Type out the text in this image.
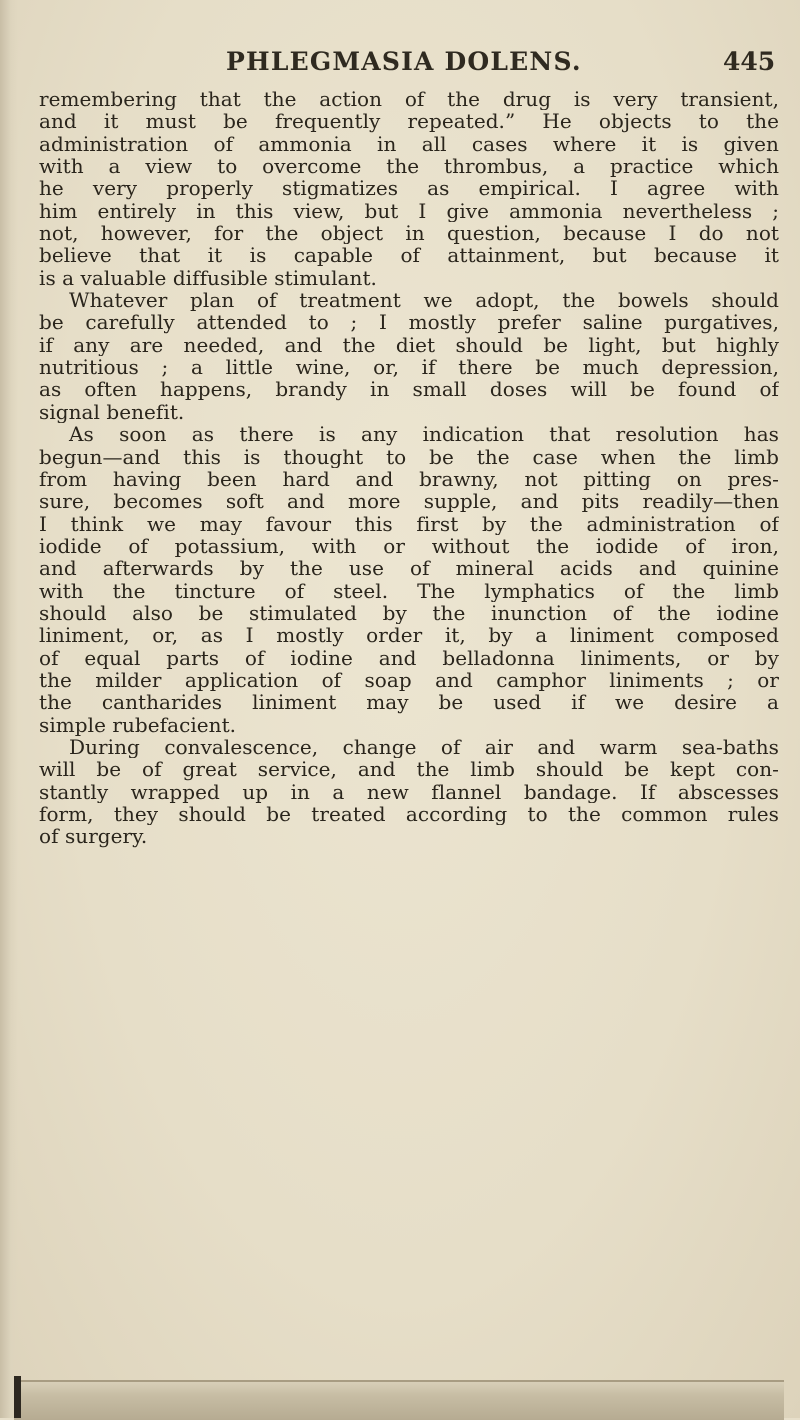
PHLEGMASIA DOLENS.	445
remembering that the action of the drug is very transient,
and it must be frequently repeated.” He objects to the
administration of ammonia in all cases where it is given
with a view to overcome the thrombus, a practice which
he very properly stigmatizes as empirical. I agree with
him entirely in this view, but I give ammonia nevertheless ;
not, however, for the object in question, because I do not
believe that it is capable of attainment, but because it
is a valuable diffusible stimulant.
Whatever plan of treatment we adopt, the bowels should
be carefully attended to ; I mostly prefer saline purgatives,
if any are needed, and the diet should be light, but highly
nutritious ; a little wine, or, if there be much depression,
as often happens, brandy in small doses will be found of
signal benefit.
As soon as there is any indication that resolution has
begun—and this is thought to be the case when the limb
from having been hard and brawny, not pitting on pres-
sure, becomes soft and more supple, and pits readily—then
I think we may favour this first by the administration of
iodide of potassium, with or without the iodide of iron,
and afterwards by the use of mineral acids and quinine
with the tincture of steel. The lymphatics of the limb
should also be stimulated by the inunction of the iodine
liniment, or, as I mostly order it, by a liniment composed
of equal parts of iodine and belladonna liniments, or by
the milder application of soap and camphor liniments ; or
the cantharides liniment may be used if we desire a
simple rubefacient.
During convalescence, change of air and warm sea-baths
will be of great service, and the limb should be kept con-
stantly wrapped up in a new flannel bandage. If abscesses
form, they should be treated according to the common rules
of surgery.
